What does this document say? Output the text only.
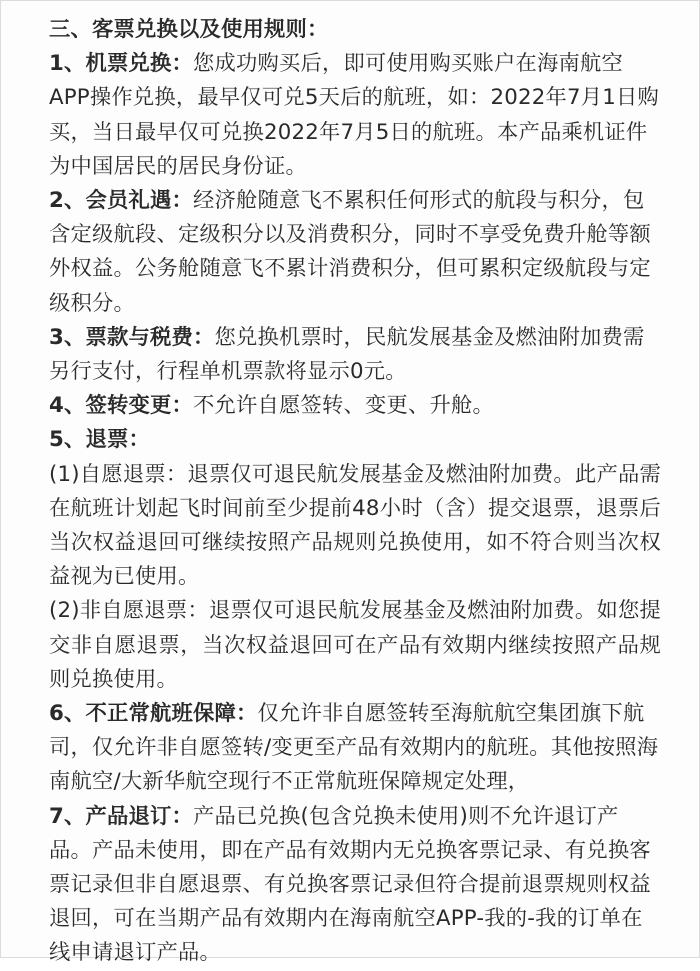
三、客票兑换以及使用规则：

1、机票兑换：您成功购买后，即可使用购买账户在海南航空APP操作兑换，最早仅可兑5天后的航班，如：2022年7月1日购买，当日最早仅可兑换2022年7月5日的航班。本产品乘机证件为中国居民的居民身份证。

2、会员礼遇：经济舱随意飞不累积任何形式的航段与积分，包含定级航段、定级积分以及消费积分，同时不享受免费升舱等额外权益。公务舱随意飞不累计消费积分，但可累积定级航段与定级积分。

3、票款与税费：您兑换机票时，民航发展基金及燃油附加费需另行支付，行程单机票款将显示0元。

4、签转变更：不允许自愿签转、变更、升舱。

5、退票：

(1)自愿退票：退票仅可退民航发展基金及燃油附加费。此产品需在航班计划起飞时间前至少提前48小时（含）提交退票，退票后当次权益退回可继续按照产品规则兑换使用，如不符合则当次权益视为已使用。

(2)非自愿退票：退票仅可退民航发展基金及燃油附加费。如您提交非自愿退票，当次权益退回可在产品有效期内继续按照产品规则兑换使用。

6、不正常航班保障：仅允许非自愿签转至海航航空集团旗下航司，仅允许非自愿签转/变更至产品有效期内的航班。其他按照海南航空/大新华航空现行不正常航班保障规定处理，

7、产品退订：产品已兑换(包含兑换未使用)则不允许退订产品。产品未使用，即在产品有效期内无兑换客票记录、有兑换客票记录但非自愿退票、有兑换客票记录但符合提前退票规则权益退回，可在当期产品有效期内在海南航空APP-我的-我的订单在线申请退订产品。
